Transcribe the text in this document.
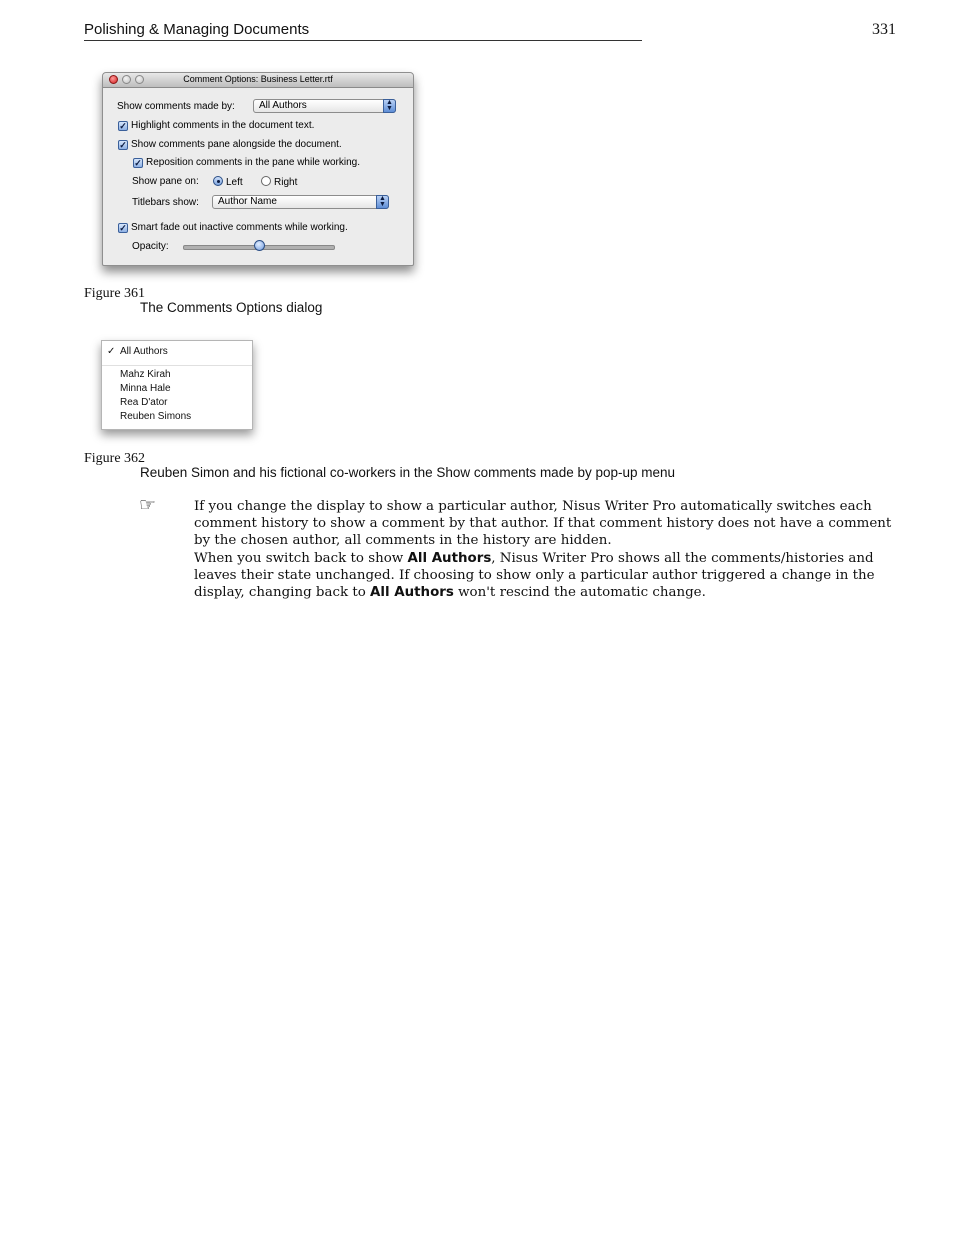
Polishing & Managing Documents	331
Comment Options: Business Letter.rtf
Show comments made by:	All Authors	▲
▼
✓ Highlight comments in the document text.
✓ Show comments pane alongside the document.
✓ Reposition comments in the pane while working.
Show pane on:	Left	Right
Titlebars show:	Author Name	▲
▼
✓ Smart fade out inactive comments while working.
Opacity:
Figure 361
The Comments Options dialog
✓ All Authors
Mahz Kirah
Minna Hale
Rea D'ator
Reuben Simons
Figure 362
Reuben Simon and his fictional co-workers in the Show comments made by pop-up menu
☞	If you change the display to show a particular author, Nisus Writer Pro automatically switches each comment history to show a comment by that author. If that comment history does not have a comment by the chosen author, all comments in the history are hidden.

When you switch back to show All Authors, Nisus Writer Pro shows all the comments/histories and leaves their state unchanged. If choosing to show only a particular author triggered a change in the display, changing back to All Authors won't rescind the automatic change.
